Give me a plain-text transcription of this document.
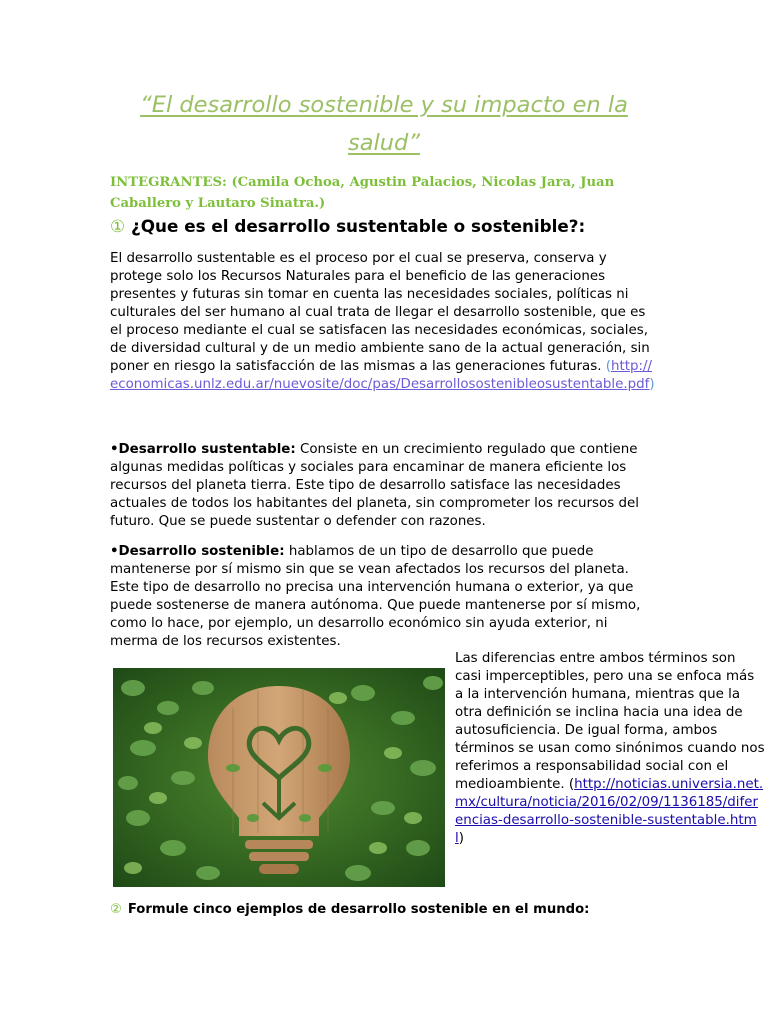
“El desarrollo sostenible y su impacto en la
salud”
INTEGRANTES: (Camila Ochoa, Agustin Palacios, Nicolas Jara, Juan Caballero y Lautaro Sinatra.)
① ¿Que es el desarrollo sustentable o sostenible?:
El desarrollo sustentable es el proceso por el cual se preserva, conserva y protege solo los Recursos Naturales para el beneficio de las generaciones presentes y futuras sin tomar en cuenta las necesidades sociales, políticas ni culturales del ser humano al cual trata de llegar el desarrollo sostenible, que es el proceso mediante el cual se satisfacen las necesidades económicas, sociales, de diversidad cultural y de un medio ambiente sano de la actual generación, sin poner en riesgo la satisfacción de las mismas a las generaciones futuras. (http://economicas.unlz.edu.ar/nuevosite/doc/pas/Desarrollosostenibleosustentable.pdf)
•Desarrollo sustentable: Consiste en un crecimiento regulado que contiene algunas medidas políticas y sociales para encaminar de manera eficiente los recursos del planeta tierra. Este tipo de desarrollo satisface las necesidades actuales de todos los habitantes del planeta, sin comprometer los recursos del futuro. Que se puede sustentar o defender con razones.
•Desarrollo sostenible: hablamos de un tipo de desarrollo que puede mantenerse por sí mismo sin que se vean afectados los recursos del planeta. Este tipo de desarrollo no precisa una intervención humana o exterior, ya que puede sostenerse de manera autónoma. Que puede mantenerse por sí mismo, como lo hace, por ejemplo, un desarrollo económico sin ayuda exterior, ni merma de los recursos existentes.
Las diferencias entre ambos términos son casi imperceptibles, pero una se enfoca más a la intervención humana, mientras que la otra definición se inclina hacia una idea de autosuficiencia. De igual forma, ambos términos se usan como sinónimos cuando nos referimos a responsabilidad social con el medioambiente. (http://noticias.universia.net.mx/cultura/noticia/2016/02/09/1136185/diferencias-desarrollo-sostenible-sustentable.html)
② Formule cinco ejemplos de desarrollo sostenible en el mundo:
